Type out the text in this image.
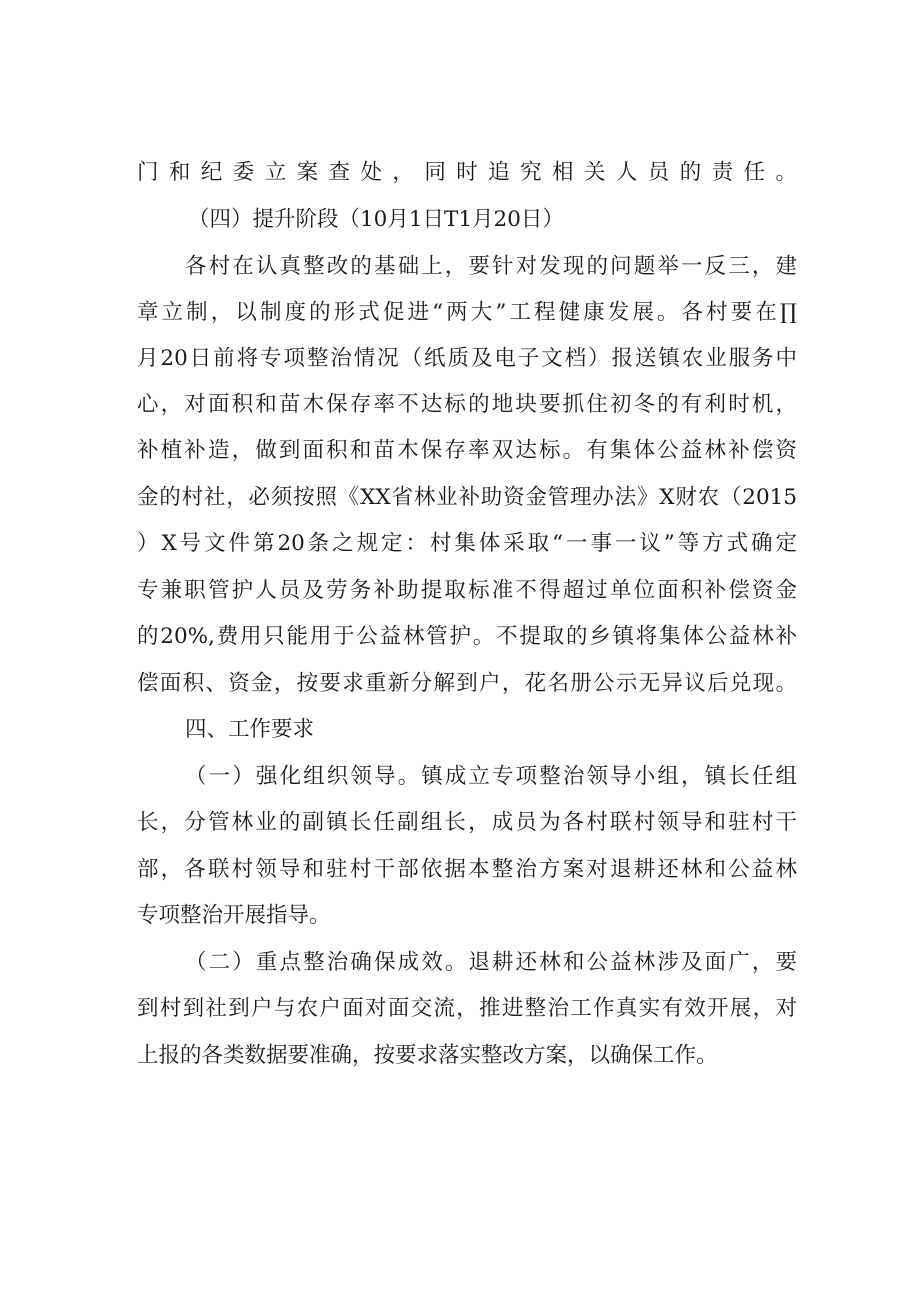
门和纪委立案查处，同时追究相关人员的责任。
（四）提升阶段（10月1日T1月20日）
各村在认真整改的基础上，要针对发现的问题举一反三，建
章立制，以制度的形式促进“两大”工程健康发展。各村要在∏
月20日前将专项整治情况（纸质及电子文档）报送镇农业服务中
心，对面积和苗木保存率不达标的地块要抓住初冬的有利时机，
补植补造，做到面积和苗木保存率双达标。有集体公益林补偿资
金的村社，必须按照《XX省林业补助资金管理办法》X财农（2015
）X号文件第20条之规定：村集体采取“一事一议”等方式确定
专兼职管护人员及劳务补助提取标准不得超过单位面积补偿资金
的20%,费用只能用于公益林管护。不提取的乡镇将集体公益林补
偿面积、资金，按要求重新分解到户，花名册公示无异议后兑现。
四、工作要求
（一）强化组织领导。镇成立专项整治领导小组，镇长任组
长，分管林业的副镇长任副组长，成员为各村联村领导和驻村干
部，各联村领导和驻村干部依据本整治方案对退耕还林和公益林
专项整治开展指导。
（二）重点整治确保成效。退耕还林和公益林涉及面广，要
到村到社到户与农户面对面交流，推进整治工作真实有效开展，对
上报的各类数据要准确，按要求落实整改方案，以确保工作。
